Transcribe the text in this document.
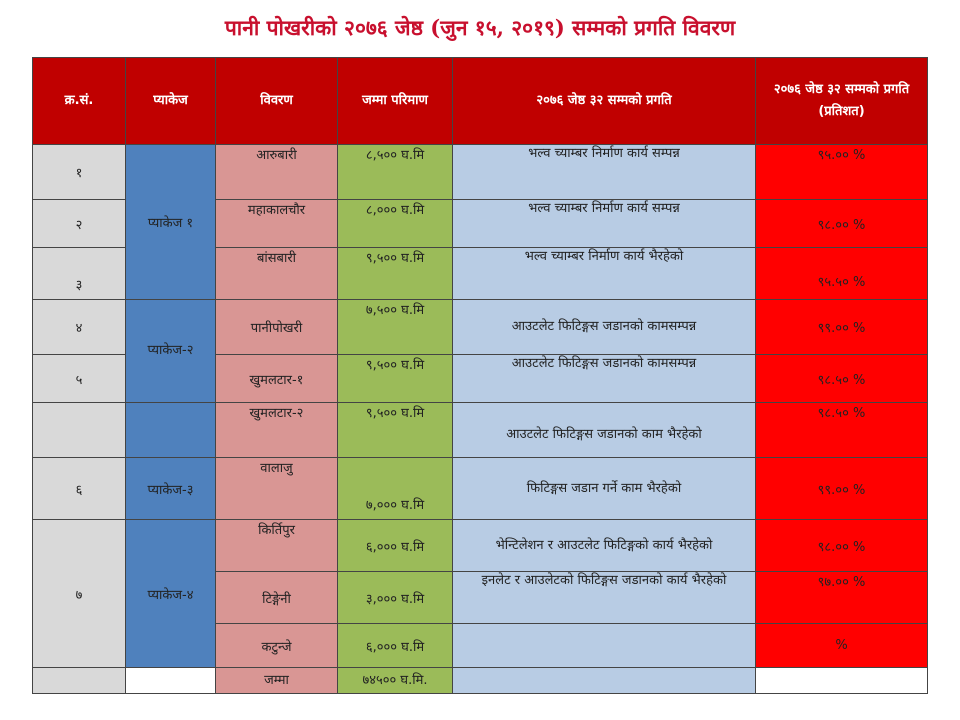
पानी पोखरीको २०७६ जेष्ठ (जुन १५, २०१९) सम्मको प्रगति विवरण
क्र.सं.	प्याकेज	विवरण	जम्मा परिमाण	२०७६ जेष्ठ ३२ सम्मको प्रगति	२०७६ जेष्ठ ३२ सम्मको प्रगति (प्रतिशत)
१	प्याकेज १	आरुबारी	८,५०० घ.मि	भल्व च्याम्बर निर्माण कार्य सम्पन्न	९५.०० %
२		महाकालचौर	८,००० घ.मि	भल्व च्याम्बर निर्माण कार्य सम्पन्न	९८.०० %
३		बांसबारी	९,५०० घ.मि	भल्व च्याम्बर निर्माण कार्य भैरहेको	९५.५० %
४	प्याकेज-२	पानीपोखरी	७,५०० घ.मि	आउटलेट फिटिङ्गस जडानको कामसम्पन्न	९९.०० %
५		खुमलटार-१	९,५०० घ.मि	आउटलेट फिटिङ्गस जडानको कामसम्पन्न	९८.५० %
		खुमलटार-२	९,५०० घ.मि	आउटलेट फिटिङ्गस जडानको काम भैरहेको	९८.५० %
६	प्याकेज-३	वालाजु	७,००० घ.मि	फिटिङ्गस जडान गर्ने काम भैरहेको	९९.०० %
७	प्याकेज-४	किर्तिपुर	६,००० घ.मि	भेन्टिलेशन र आउटलेट फिटिङ्गको कार्य भैरहेको	९८.०० %
		टिङ्गेनी	३,००० घ.मि	इनलेट र आउलेटको फिटिङ्गस जडानको कार्य भैरहेको	९७.०० %
		कटुन्जे	६,००० घ.मि		%
		जम्मा	७४५०० घ.मि.		
